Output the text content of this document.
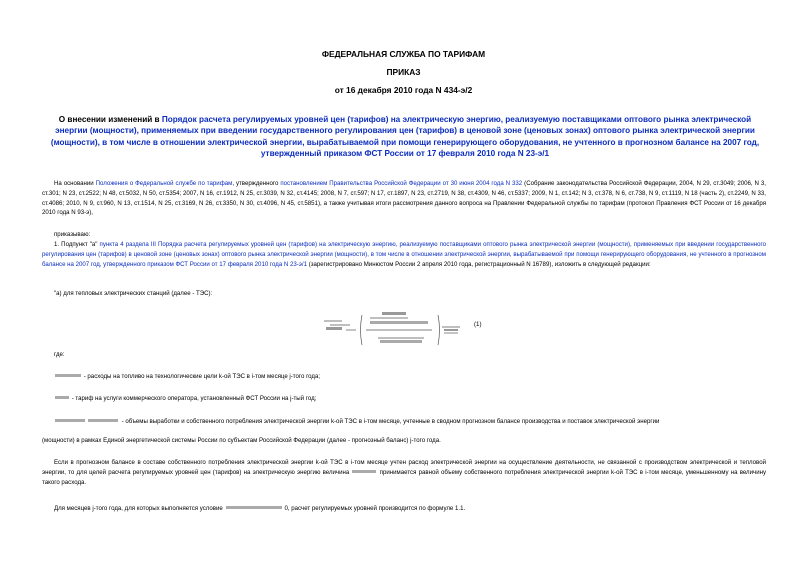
ФЕДЕРАЛЬНАЯ СЛУЖБА ПО ТАРИФАМ
ПРИКАЗ
от 16 декабря 2010 года N 434-э/2
О внесении изменений в Порядок расчета регулируемых уровней цен (тарифов) на электрическую энергию, реализуемую поставщиками оптового рынка электрической энергии (мощности), применяемых при введении государственного регулирования цен (тарифов) в ценовой зоне (ценовых зонах) оптового рынка электрической энергии (мощности), в том числе в отношении электрической энергии, вырабатываемой при помощи генерирующего оборудования, не учтенного в прогнозном балансе на 2007 год, утвержденный приказом ФСТ России от 17 февраля 2010 года N 23-э/1

На основании Положения о Федеральной службе по тарифам, утвержденного постановлением Правительства Российской Федерации от 30 июня 2004 года N 332 (Собрание законодательства Российской Федерации, 2004, N 29, ст.3049; 2006, N 3, ст.301; N 23, ст.2522; N 48, ст.5032, N 50, ст.5354; 2007, N 16, ст.1912, N 25, ст.3039, N 32, ст.4145; 2008, N 7, ст.597; N 17, ст.1897, N 23, ст.2719, N 38, ст.4309, N 46, ст.5337; 2009, N 1, ст.142; N 3, ст.378, N 6, ст.738, N 9, ст.1119, N 18 (часть 2), ст.2249, N 33, ст.4086; 2010, N 9, ст.960, N 13, ст.1514, N 25, ст.3169, N 26, ст.3350, N 30, ст.4096, N 45, ст.5851), а также учитывая итоги рассмотрения данного вопроса на Правлении Федеральной службы по тарифам (протокол Правления ФСТ России от 16 декабря 2010 года N 93-э),

приказываю:

1. Подпункт "а" пункта 4 раздела III Порядка расчета регулируемых уровней цен (тарифов) на электрическую энергию, реализуемую поставщиками оптового рынка электрической энергии (мощности), применяемых при введении государственного регулирования цен (тарифов) в ценовой зоне (ценовых зонах) оптового рынка электрической энергии (мощности), в том числе в отношении электрической энергии, вырабатываемой при помощи генерирующего оборудования, не учтенного в прогнозном балансе на 2007 год, утвержденного приказом ФСТ России от 17 февраля 2010 года N 23-э/1 (зарегистрировано Минюстом России 2 апреля 2010 года, регистрационный N 16789), изложить в следующей редакции:

"а) для тепловых электрических станций (далее - ТЭС):
(1)
где:
- расходы на топливо на технологические цели k-ой ТЭС в i-том месяце j-того года;
- тариф на услуги коммерческого оператора, установленный ФСТ России на j-тый год;
- объемы выработки и собственного потребления электрической энергии k-ой ТЭС в i-том месяце, учтенные в сводном прогнозном балансе производства и поставок электрической энергии
(мощности) в рамках Единой энергетической системы России по субъектам Российской Федерации (далее - прогнозный баланс) j-того года.

Если в прогнозном балансе в составе собственного потребления электрической энергии k-ой ТЭС в i-том месяце учтен расход электрической энергии на осуществление деятельности, не связанной с производством электрической и тепловой энергии, то для целей расчета регулируемых уровней цен (тарифов) на электрическую энергию величина	принимается равной объему собственного потребления электрической энергии k-ой ТЭС в i-том месяце, уменьшенному на величину такого расхода.

Для месяцев j-того года, для которых выполняется условие	0, расчет регулируемых уровней производится по формуле 1.1.
